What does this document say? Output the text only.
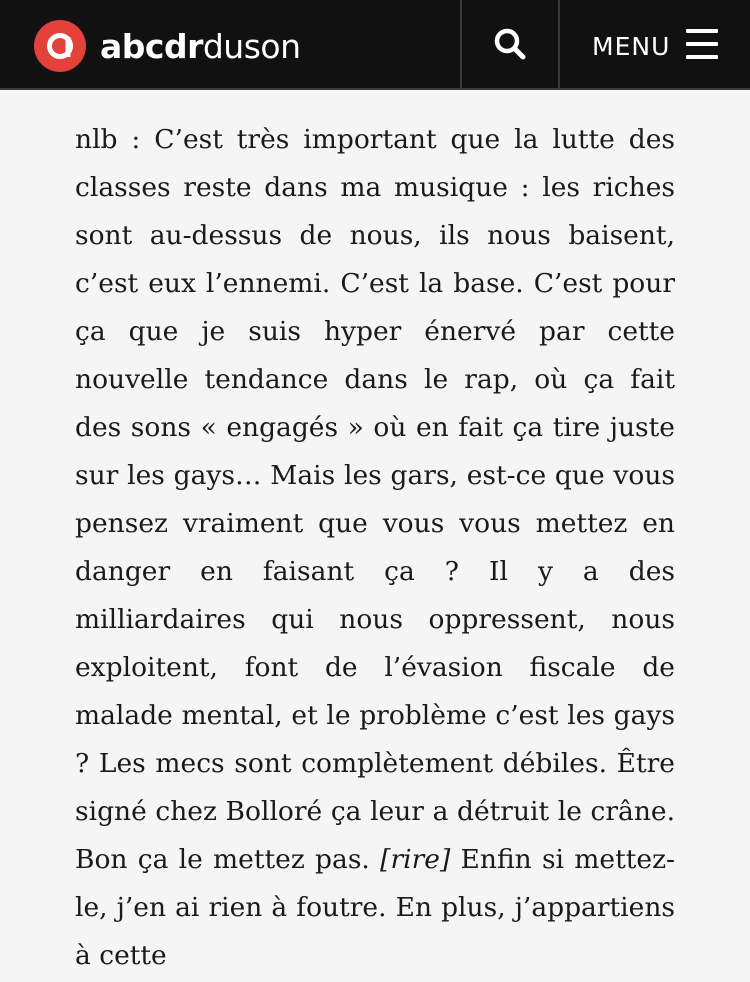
abcdrduson	MENU

nlb : C’est très important que la lutte des classes reste dans ma musique : les riches sont au-dessus de nous, ils nous baisent, c’est eux l’ennemi. C’est la base. C’est pour ça que je suis hyper énervé par cette nouvelle tendance dans le rap, où ça fait des sons « engagés » où en fait ça tire juste sur les gays… Mais les gars, est-ce que vous pensez vraiment que vous vous mettez en danger en faisant ça ? Il y a des milliardaires qui nous oppressent, nous exploitent, font de l’évasion fiscale de malade mental, et le problème c’est les gays ? Les mecs sont complètement débiles. Être signé chez Bolloré ça leur a détruit le crâne. Bon ça le mettez pas. [rire] Enfin si mettez-le, j’en ai rien à foutre. En plus, j’appartiens à cette
